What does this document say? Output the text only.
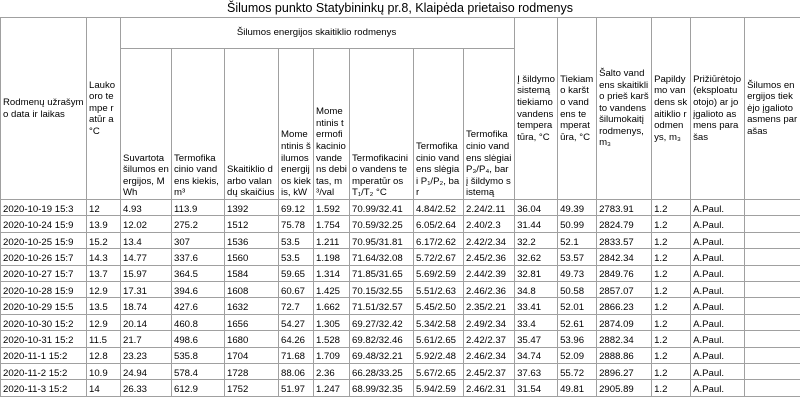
Šilumos punkto Statybininkų pr.8, Klaipėda prietaiso rodmenys
Rodmenų užrašymo data ir laikas	Lauko oro tempe ratūr a °C	Šilumos energijos skaitiklio rodmenys								Į šildymo sistemą tiekiamo vandens tempera tūra, °C	Tiekiamo karšto vandens temperatūra, °C	Šalto vandens skaitiklio prieš karšto vandens šilumokaitį rodmenys, m₃	Papildymo vandens skaitiklio rodmenys, m₃	Prižiūrėtojo (eksploatuotojo) ar jo įgalioto asmens parašas	Šilumos energijos tiekėjo įgalioto asmens parašas
		Suvartota šilumos energijos, MWh	Termofika cinio vandens kiekis, m³	Skaitiklio darbo valandų skaičius	Momentinis šilumos energijos kiekis, kW	Momentinis termofikacinio vandens debitas, m³/val	Termofikacinio vandens temperatūr os T₁/T₂ °C	Termofikacinio vandens slėgiai P₁/P₂, bar	Termofikacinio vandens slėgiai P₃/P₄, bar į šildymo sistemą						
2020-10-19 15:3	12	4.93	113.9	1392	69.12	1.592	70.99/32.41	4.84/2.52	2.24/2.11	36.04	49.39	2783.91	1.2	A.Paul.	
2020-10-24 15:9	13.9	12.02	275.2	1512	75.78	1.754	70.59/32.25	6.05/2.64	2.40/2.3	31.44	50.99	2824.79	1.2	A.Paul.	
2020-10-25 15:9	15.2	13.4	307	1536	53.5	1.211	70.95/31.81	6.17/2.62	2.42/2.34	32.2	52.1	2833.57	1.2	A.Paul.	
2020-10-26 15:7	14.3	14.77	337.6	1560	53.5	1.198	71.64/32.08	5.72/2.67	2.45/2.36	32.62	53.57	2842.34	1.2	A.Paul.	
2020-10-27 15:7	13.7	15.97	364.5	1584	59.65	1.314	71.85/31.65	5.69/2.59	2.44/2.39	32.81	49.73	2849.76	1.2	A.Paul.	
2020-10-28 15:9	12.9	17.31	394.6	1608	60.67	1.425	70.15/32.55	5.51/2.63	2.46/2.36	34.8	50.58	2857.07	1.2	A.Paul.	
2020-10-29 15:5	13.5	18.74	427.6	1632	72.7	1.662	71.51/32.57	5.45/2.50	2.35/2.21	33.41	52.01	2866.23	1.2	A.Paul.	
2020-10-30 15:2	12.9	20.14	460.8	1656	54.27	1.305	69.27/32.42	5.34/2.58	2.49/2.34	33.4	52.61	2874.09	1.2	A.Paul.	
2020-10-31 15:2	11.5	21.7	498.6	1680	64.26	1.528	69.82/32.46	5.61/2.65	2.42/2.37	35.47	53.96	2882.34	1.2	A.Paul.	
2020-11-1 15:2	12.8	23.23	535.8	1704	71.68	1.709	69.48/32.21	5.92/2.48	2.46/2.34	34.74	52.09	2888.86	1.2	A.Paul.	
2020-11-2 15:2	10.9	24.94	578.4	1728	88.06	2.36	66.28/33.25	5.67/2.65	2.45/2.37	37.63	55.72	2896.27	1.2	A.Paul.	
2020-11-3 15:2	14	26.33	612.9	1752	51.97	1.247	68.99/32.35	5.94/2.59	2.46/2.31	31.54	49.81	2905.89	1.2	A.Paul.	
